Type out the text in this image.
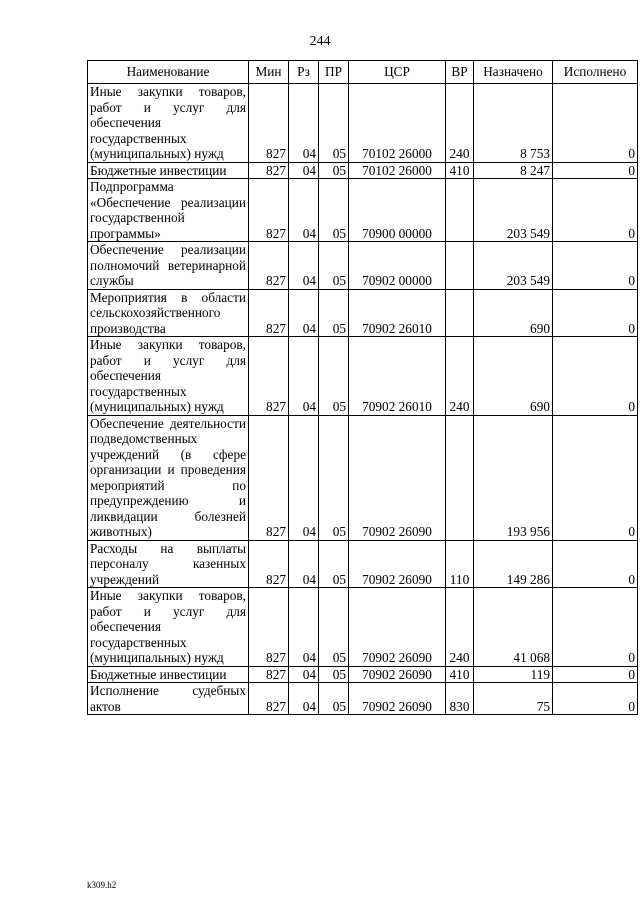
244
Наименование	Мин	Рз	ПР	ЦСР	ВР	Назначено	Исполнено
Иные закупки товаров, работ и услуг для обеспечения государственных (муниципальных) нужд	827	04	05	70102 26000	240	8 753	0
Бюджетные инвестиции	827	04	05	70102 26000	410	8 247	0
Подпрограмма «Обеспечение реализации государственной программы»	827	04	05	70900 00000		203 549	0
Обеспечение реализации полномочий ветеринарной службы	827	04	05	70902 00000		203 549	0
Мероприятия в области сельскохозяйственного производства	827	04	05	70902 26010		690	0
Иные закупки товаров, работ и услуг для обеспечения государственных (муниципальных) нужд	827	04	05	70902 26010	240	690	0
Обеспечение деятельности подведомственных учреждений (в сфере организации и проведения мероприятий по предупреждению и ликвидации болезней животных)	827	04	05	70902 26090		193 956	0
Расходы на выплаты персоналу казенных учреждений	827	04	05	70902 26090	110	149 286	0
Иные закупки товаров, работ и услуг для обеспечения государственных (муниципальных) нужд	827	04	05	70902 26090	240	41 068	0
Бюджетные инвестиции	827	04	05	70902 26090	410	119	0
Исполнение судебных актов	827	04	05	70902 26090	830	75	0
k309.h2
